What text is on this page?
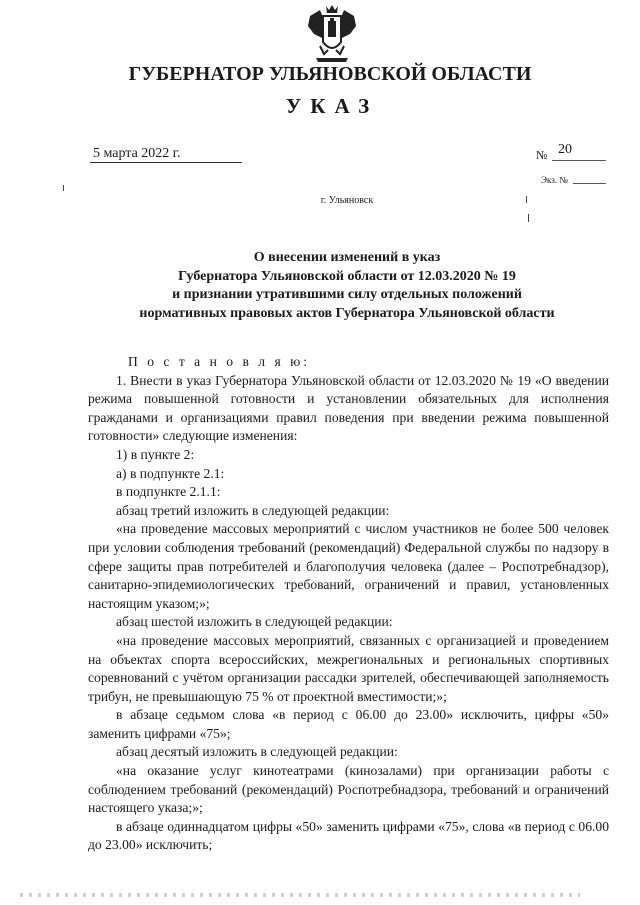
ГУБЕРНАТОР УЛЬЯНОВСКОЙ ОБЛАСТИ
УКАЗ
5 марта 2022 г.	№ 20
Экз. №
г. Ульяновск
О внесении изменений в указ
Губернатора Ульяновской области от 12.03.2020 № 19
и признании утратившими силу отдельных положений
нормативных правовых актов Губернатора Ульяновской области

П о с т а н о в л я ю:

1. Внести в указ Губернатора Ульяновской области от 12.03.2020 № 19 «О введении режима повышенной готовности и установлении обязательных для исполнения гражданами и организациями правил поведения при введении режима повышенной готовности» следующие изменения:

1) в пункте 2:

а) в подпункте 2.1:

в подпункте 2.1.1:

абзац третий изложить в следующей редакции:

«на проведение массовых мероприятий с числом участников не более 500 человек при условии соблюдения требований (рекомендаций) Федеральной службы по надзору в сфере защиты прав потребителей и благополучия человека (далее – Роспотребнадзор), санитарно-эпидемиологических требований, ограничений и правил, установленных настоящим указом;»;

абзац шестой изложить в следующей редакции:

«на проведение массовых мероприятий, связанных с организацией и проведением на объектах спорта всероссийских, межрегиональных и региональных спортивных соревнований с учётом организации рассадки зрителей, обеспечивающей заполняемость трибун, не превышающую 75 % от проектной вместимости;»;

в абзаце седьмом слова «в период с 06.00 до 23.00» исключить, цифры «50» заменить цифрами «75»;

абзац десятый изложить в следующей редакции:

«на оказание услуг кинотеатрами (кинозалами) при организации работы с соблюдением требований (рекомендаций) Роспотребнадзора, требований и ограничений настоящего указа;»;

в абзаце одиннадцатом цифры «50» заменить цифрами «75», слова «в период с 06.00 до 23.00» исключить;
